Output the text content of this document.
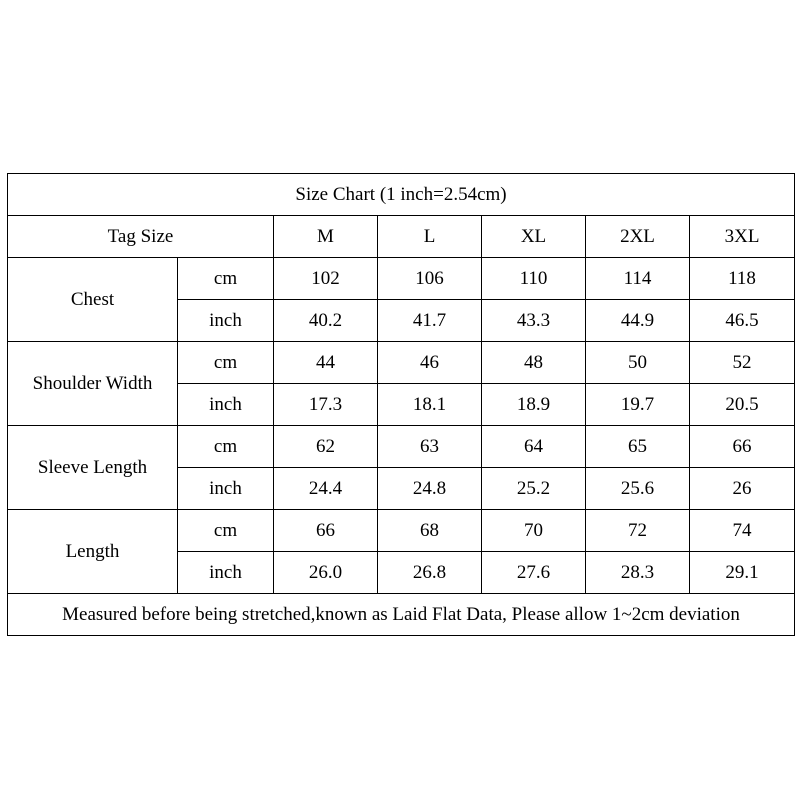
Size Chart (1 inch=2.54cm)						
Tag Size		M	L	XL	2XL	3XL
Chest	cm	102	106	110	114	118
	inch	40.2	41.7	43.3	44.9	46.5
Shoulder Width	cm	44	46	48	50	52
	inch	17.3	18.1	18.9	19.7	20.5
Sleeve Length	cm	62	63	64	65	66
	inch	24.4	24.8	25.2	25.6	26
Length	cm	66	68	70	72	74
	inch	26.0	26.8	27.6	28.3	29.1
Measured before being stretched,known as Laid Flat Data, Please allow 1~2cm deviation						
